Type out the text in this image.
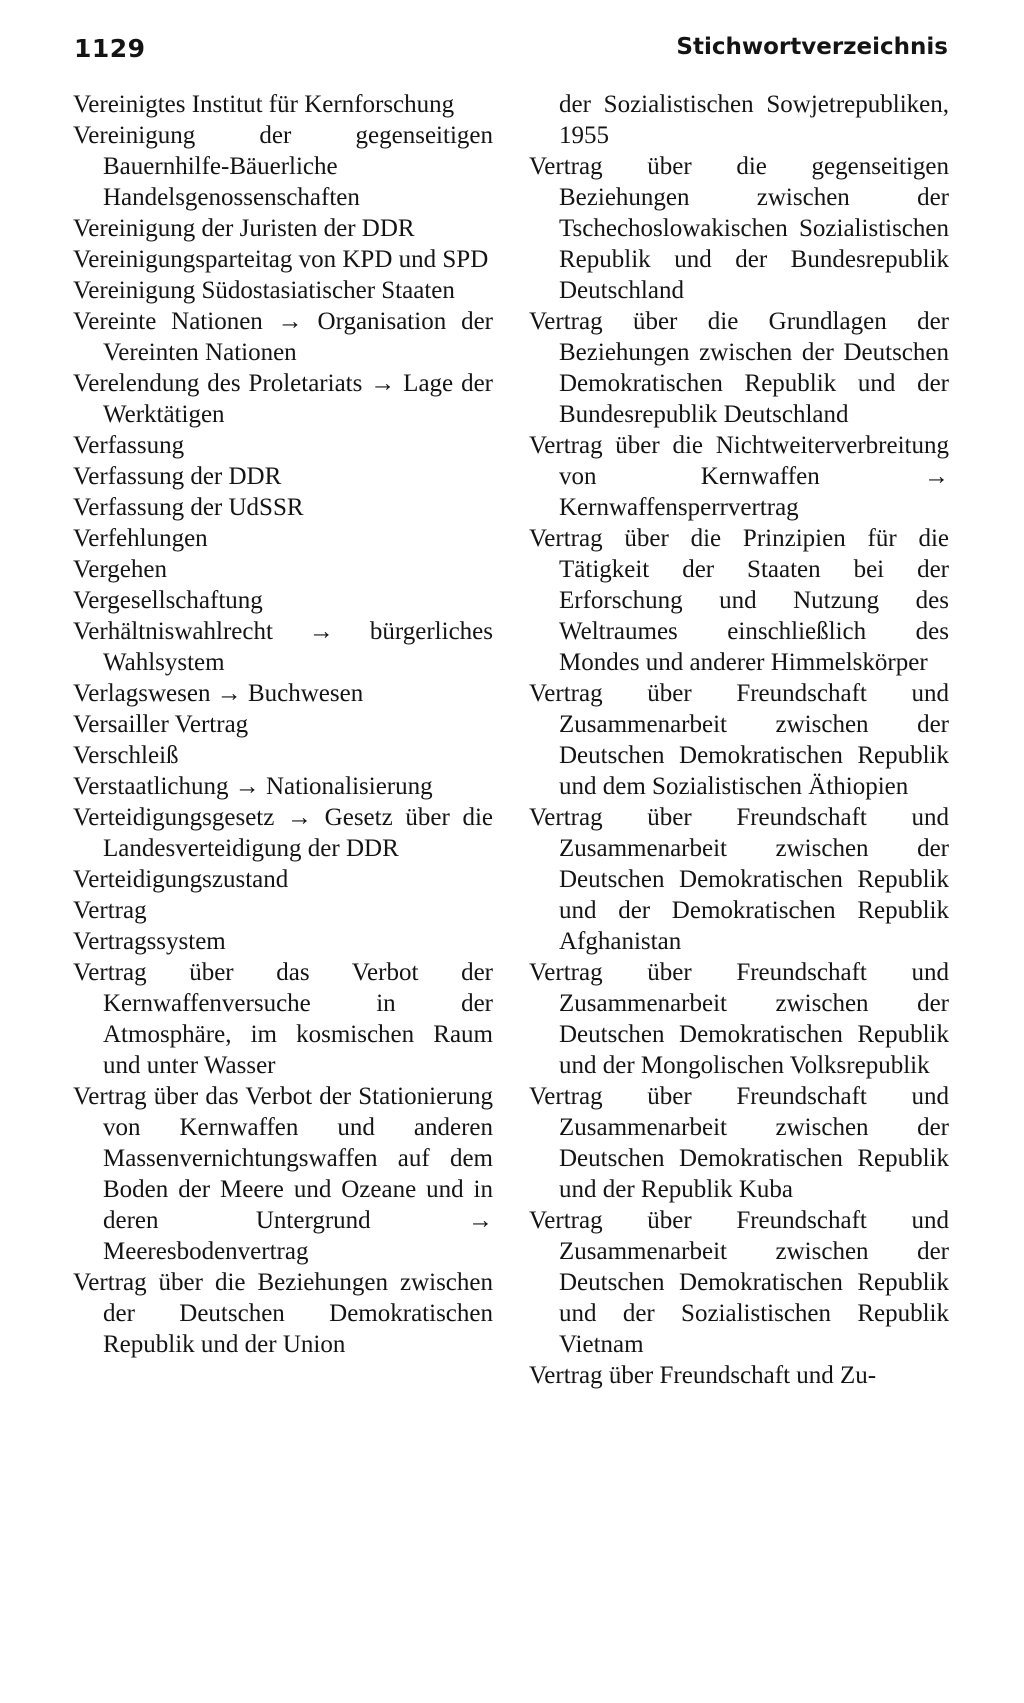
1129	Stichwortverzeichnis

Vereinigtes Institut für Kernforschung

Vereinigung der gegenseitigen Bauernhilfe-Bäuerliche Handelsgenossenschaften

Vereinigung der Juristen der DDR

Vereinigungsparteitag von KPD und SPD

Vereinigung Südostasiatischer Staaten

Vereinte Nationen → Organisation der Vereinten Nationen

Verelendung des Proletariats → Lage der Werktätigen

Verfassung

Verfassung der DDR

Verfassung der UdSSR

Verfehlungen

Vergehen

Vergesellschaftung

Verhältniswahlrecht → bürgerliches Wahlsystem

Verlagswesen → Buchwesen

Versailler Vertrag

Verschleiß

Verstaatlichung → Nationalisierung

Verteidigungsgesetz → Gesetz über die Landesverteidigung der DDR

Verteidigungszustand

Vertrag

Vertragssystem

Vertrag über das Verbot der Kernwaffenversuche in der Atmosphäre, im kosmischen Raum und unter Wasser

Vertrag über das Verbot der Stationierung von Kernwaffen und anderen Massenvernichtungswaffen auf dem Boden der Meere und Ozeane und in deren Untergrund → Meeresbodenvertrag

Vertrag über die Beziehungen zwischen der Deutschen Demokratischen Republik und der Union

der Sozialistischen Sowjetrepubliken, 1955

Vertrag über die gegenseitigen Beziehungen zwischen der Tschechoslowakischen Sozialistischen Republik und der Bundesrepublik Deutschland

Vertrag über die Grundlagen der Beziehungen zwischen der Deutschen Demokratischen Republik und der Bundesrepublik Deutschland

Vertrag über die Nichtweiterverbreitung von Kernwaffen → Kernwaffensperrvertrag

Vertrag über die Prinzipien für die Tätigkeit der Staaten bei der Erforschung und Nutzung des Weltraumes einschließlich des Mondes und anderer Himmelskörper

Vertrag über Freundschaft und Zusammenarbeit zwischen der Deutschen Demokratischen Republik und dem Sozialistischen Äthiopien

Vertrag über Freundschaft und Zusammenarbeit zwischen der Deutschen Demokratischen Republik und der Demokratischen Republik Afghanistan

Vertrag über Freundschaft und Zusammenarbeit zwischen der Deutschen Demokratischen Republik und der Mongolischen Volksrepublik

Vertrag über Freundschaft und Zusammenarbeit zwischen der Deutschen Demokratischen Republik und der Republik Kuba

Vertrag über Freundschaft und Zusammenarbeit zwischen der Deutschen Demokratischen Republik und der Sozialistischen Republik Vietnam

Vertrag über Freundschaft und Zu-
